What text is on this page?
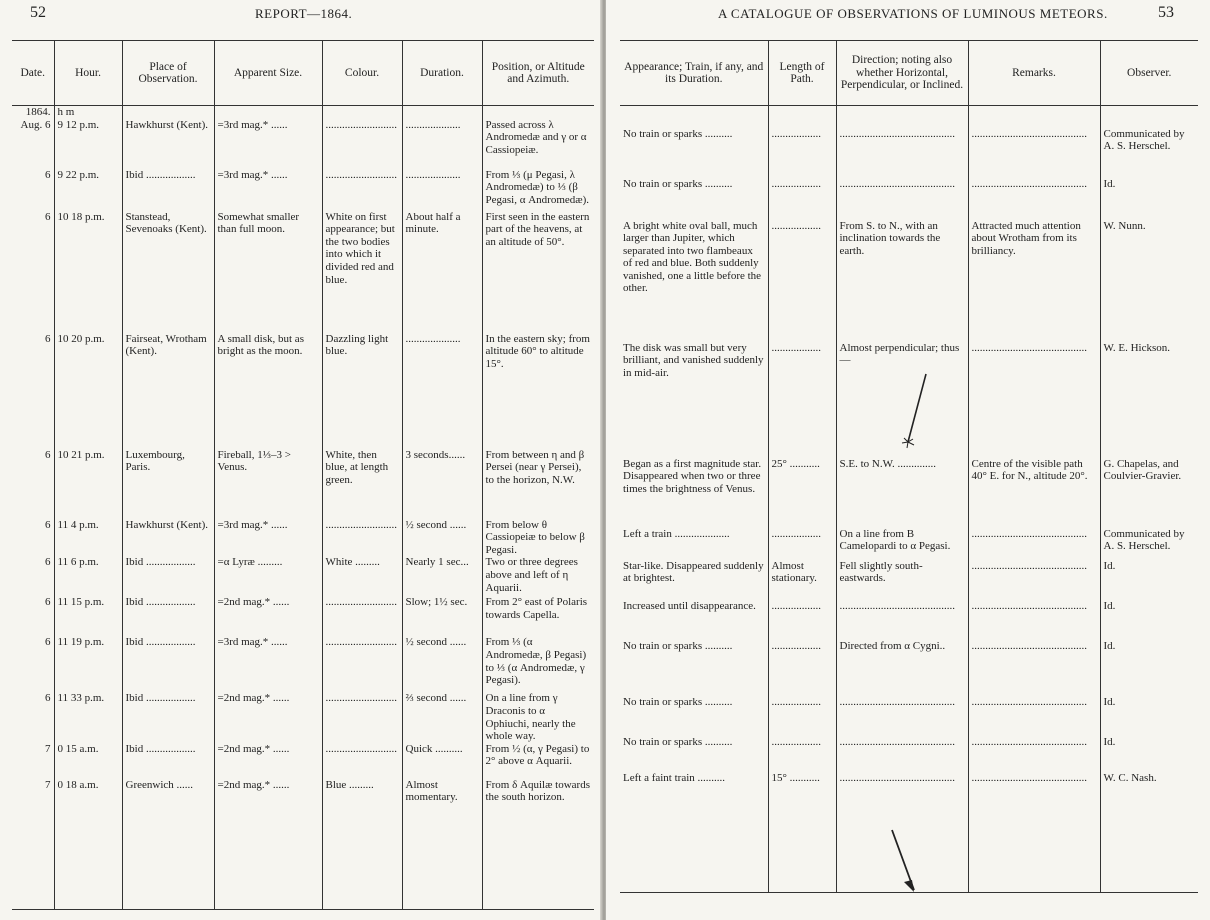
52	REPORT—1864.
Date.	Hour.	Place of Observation.	Apparent Size.	Colour.	Duration.	Position, or Altitude and Azimuth.
1864.	h m					
Aug. 6	9 12 p.m.	Hawkhurst (Kent).	=3rd mag.* ......	..........................	....................	Passed across λ Andromedæ and γ or α Cassiopeiæ.
6	9 22 p.m.	Ibid ..................	=3rd mag.* ......	..........................	....................	From ⅓ (μ Pegasi, λ Andromedæ) to ⅓ (β Pegasi, α Andromedæ).
6	10 18 p.m.	Stanstead, Sevenoaks (Kent).	Somewhat smaller than full moon.	White on first appearance; but the two bodies into which it divided red and blue.	About half a minute.	First seen in the eastern part of the heavens, at an altitude of 50°.
6	10 20 p.m.	Fairseat, Wrotham (Kent).	A small disk, but as bright as the moon.	Dazzling light blue.	....................	In the eastern sky; from altitude 60° to altitude 15°.
6	10 21 p.m.	Luxembourg, Paris.	Fireball, 1⅓–3 > Venus.	White, then blue, at length green.	3 seconds......	From between η and β Persei (near γ Persei), to the horizon, N.W.
6	11 4 p.m.	Hawkhurst (Kent).	=3rd mag.* ......	..........................	½ second ......	From below θ Cassiopeiæ to below β Pegasi.
6	11 6 p.m.	Ibid ..................	=α Lyræ .........	White .........	Nearly 1 sec...	Two or three degrees above and left of η Aquarii.
6	11 15 p.m.	Ibid ..................	=2nd mag.* ......	..........................	Slow; 1½ sec.	From 2° east of Polaris towards Capella.
6	11 19 p.m.	Ibid ..................	=3rd mag.* ......	..........................	½ second ......	From ⅓ (α Andromedæ, β Pegasi) to ⅓ (α Andromedæ, γ Pegasi).
6	11 33 p.m.	Ibid ..................	=2nd mag.* ......	..........................	⅔ second ......	On a line from γ Draconis to α Ophiuchi, nearly the whole way.
7	0 15 a.m.	Ibid ..................	=2nd mag.* ......	..........................	Quick ..........	From ½ (α, γ Pegasi) to 2° above α Aquarii.
7	0 18 a.m.	Greenwich ......	=2nd mag.* ......	Blue .........	Almost momentary.	From δ Aquilæ towards the south horizon.

A CATALOGUE OF OBSERVATIONS OF LUMINOUS METEORS.	53
Appearance; Train, if any, and its Duration.	Length of Path.	Direction; noting also whether Horizontal, Perpendicular, or Inclined.	Remarks.	Observer.

No train or sparks ..........	..................	..........................................	..........................................	Communicated by A. S. Herschel.
No train or sparks ..........	..................	..........................................	..........................................	Id.
A bright white oval ball, much larger than Jupiter, which separated into two flambeaux of red and blue. Both suddenly vanished, one a little before the other.	..................	From S. to N., with an inclination towards the earth.	Attracted much attention about Wrotham from its brilliancy.	W. Nunn.
The disk was small but very brilliant, and vanished suddenly in mid-air.	..................	Almost perpendicular; thus—	..........................................	W. E. Hickson.
Began as a first magnitude star. Disappeared when two or three times the brightness of Venus.	25° ...........	S.E. to N.W. ..............	Centre of the visible path 40° E. for N., altitude 20°.	G. Chapelas, and Coulvier-Gravier.
Left a train ....................	..................	On a line from B Camelopardi to α Pegasi.	..........................................	Communicated by A. S. Herschel.
Star-like. Disappeared suddenly at brightest.	Almost stationary.	Fell slightly south-eastwards.	..........................................	Id.
Increased until disappearance.	..................	..........................................	..........................................	Id.
No train or sparks ..........	..................	Directed from α Cygni..	..........................................	Id.
No train or sparks ..........	..................	..........................................	..........................................	Id.
No train or sparks ..........	..................	..........................................	..........................................	Id.
Left a faint train ..........	15° ...........	..........................................	..........................................	W. C. Nash.
